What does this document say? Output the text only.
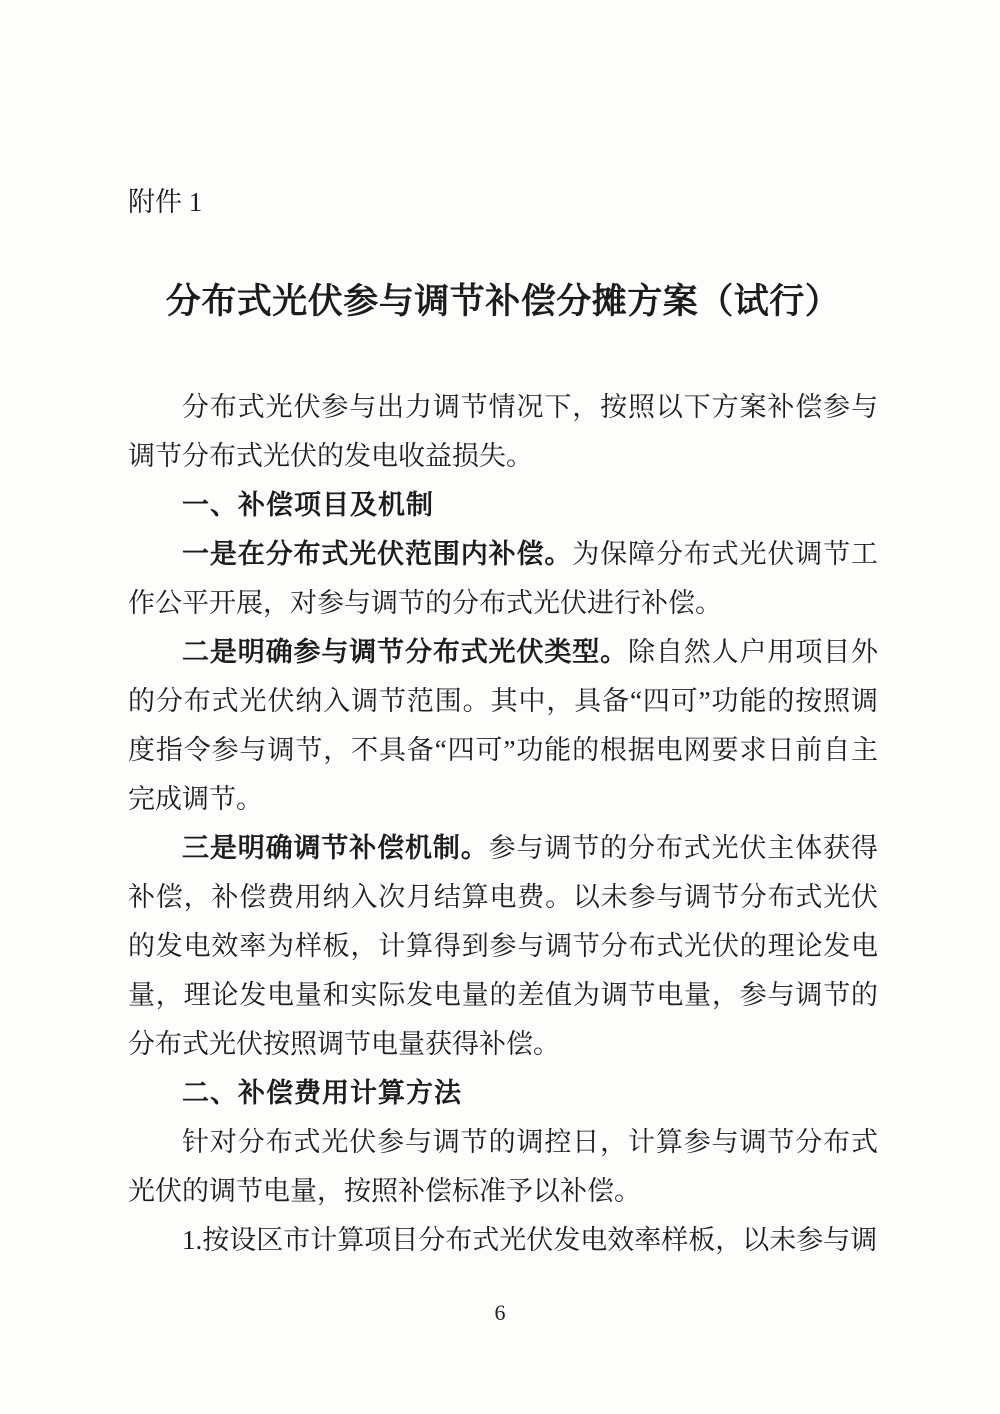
附件 1
分布式光伏参与调节补偿分摊方案（试行）

分布式光伏参与出力调节情况下，按照以下方案补偿参与调节分布式光伏的发电收益损失。

一、补偿项目及机制

一是在分布式光伏范围内补偿。为保障分布式光伏调节工作公平开展，对参与调节的分布式光伏进行补偿。

二是明确参与调节分布式光伏类型。除自然人户用项目外的分布式光伏纳入调节范围。其中，具备“四可”功能的按照调度指令参与调节，不具备“四可”功能的根据电网要求日前自主完成调节。

三是明确调节补偿机制。参与调节的分布式光伏主体获得补偿，补偿费用纳入次月结算电费。以未参与调节分布式光伏的发电效率为样板，计算得到参与调节分布式光伏的理论发电量，理论发电量和实际发电量的差值为调节电量，参与调节的分布式光伏按照调节电量获得补偿。

二、补偿费用计算方法

针对分布式光伏参与调节的调控日，计算参与调节分布式光伏的调节电量，按照补偿标准予以补偿。

1.按设区市计算项目分布式光伏发电效率样板，以未参与调

6
